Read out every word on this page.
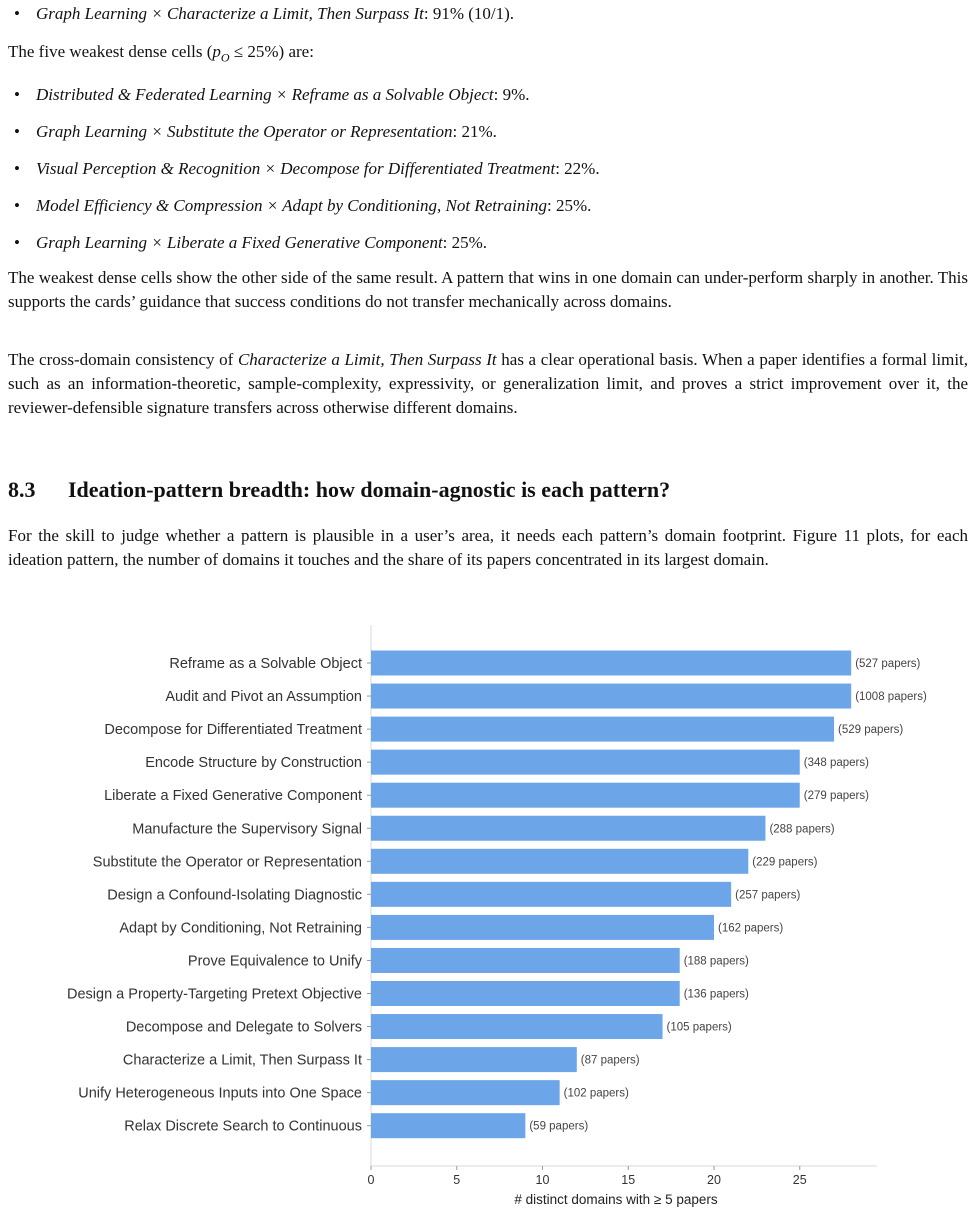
• Graph Learning × Characterize a Limit, Then Surpass It: 91% (10/1).
The five weakest dense cells $(p_O \le 25\%)$ are:
• Distributed & Federated Learning × Reframe as a Solvable Object: 9%.
• Graph Learning × Substitute the Operator or Representation: 21%.
• Visual Perception & Recognition × Decompose for Differentiated Treatment: 22%.
• Model Efficiency & Compression × Adapt by Conditioning, Not Retraining: 25%.
• Graph Learning × Liberate a Fixed Generative Component: 25%.

The weakest dense cells show the other side of the same result. A pattern that wins in one domain can under-perform sharply in another. This supports the cards’ guidance that success conditions do not transfer mechanically across domains.

The cross-domain consistency of Characterize a Limit, Then Surpass It has a clear operational basis. When a paper identifies a formal limit, such as an information-theoretic, sample-complexity, expressivity, or generalization limit, and proves a strict improvement over it, the reviewer-defensible signature transfers across otherwise different domains.

8.3 Ideation-pattern breadth: how domain-agnostic is each pattern?

For the skill to judge whether a pattern is plausible in a user’s area, it needs each pattern’s domain footprint. Figure 11 plots, for each ideation pattern, the number of domains it touches and the share of its papers concentrated in its largest domain.

Reframe as a Solvable Object	(527 papers)
Audit and Pivot an Assumption	(1008 papers)
Decompose for Differentiated Treatment	(529 papers)
Encode Structure by Construction	(348 papers)
Liberate a Fixed Generative Component	(279 papers)
Manufacture the Supervisory Signal	(288 papers)
Substitute the Operator or Representation	(229 papers)
Design a Confound-Isolating Diagnostic	(257 papers)
Adapt by Conditioning, Not Retraining	(162 papers)
Prove Equivalence to Unify	(188 papers)
Design a Property-Targeting Pretext Objective	(136 papers)
Decompose and Delegate to Solvers	(105 papers)
Characterize a Limit, Then Surpass It	(87 papers)
Unify Heterogeneous Inputs into One Space	(102 papers)
Relax Discrete Search to Continuous	(59 papers)
0	5	10	15	20	25
# distinct domains with ≥ 5 papers
